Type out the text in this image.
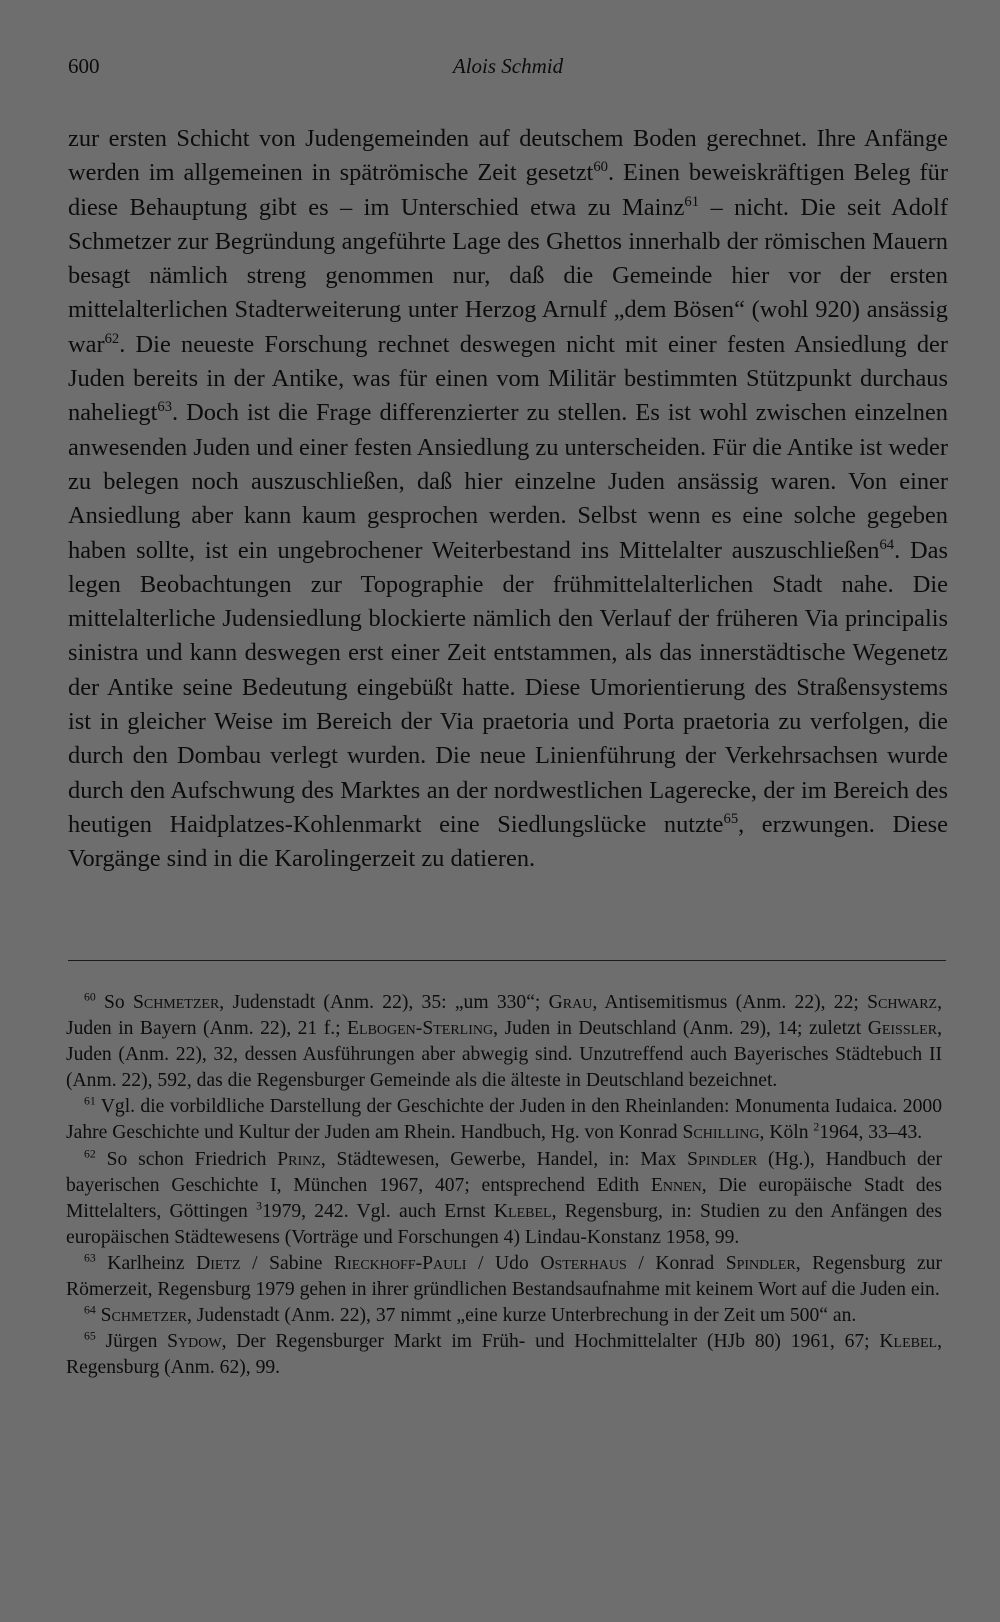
600	Alois Schmid

zur ersten Schicht von Judengemeinden auf deutschem Boden gerechnet. Ihre Anfänge werden im allgemeinen in spätrömische Zeit gesetzt$^{60}$. Einen beweiskräftigen Beleg für diese Behauptung gibt es – im Unterschied etwa zu Mainz$^{61}$ – nicht. Die seit Adolf Schmetzer zur Begründung angeführte Lage des Ghettos innerhalb der römischen Mauern besagt nämlich streng genommen nur, daß die Gemeinde hier vor der ersten mittelalterlichen Stadterweiterung unter Herzog Arnulf „dem Bösen“ (wohl 920) ansässig war$^{62}$. Die neueste Forschung rechnet deswegen nicht mit einer festen Ansiedlung der Juden bereits in der Antike, was für einen vom Militär bestimmten Stützpunkt durchaus naheliegt$^{63}$. Doch ist die Frage differenzierter zu stellen. Es ist wohl zwischen einzelnen anwesenden Juden und einer festen Ansiedlung zu unterscheiden. Für die Antike ist weder zu belegen noch auszuschließen, daß hier einzelne Juden ansässig waren. Von einer Ansiedlung aber kann kaum gesprochen werden. Selbst wenn es eine solche gegeben haben sollte, ist ein ungebrochener Weiterbestand ins Mittelalter auszuschließen$^{64}$. Das legen Beobachtungen zur Topographie der frühmittelalterlichen Stadt nahe. Die mittelalterliche Judensiedlung blockierte nämlich den Verlauf der früheren Via principalis sinistra und kann deswegen erst einer Zeit entstammen, als das innerstädtische Wegenetz der Antike seine Bedeutung eingebüßt hatte. Diese Umorientierung des Straßensystems ist in gleicher Weise im Bereich der Via praetoria und Porta praetoria zu verfolgen, die durch den Dombau verlegt wurden. Die neue Linienführung der Verkehrsachsen wurde durch den Aufschwung des Marktes an der nordwestlichen Lagerecke, der im Bereich des heutigen Haidplatzes-Kohlenmarkt eine Siedlungslücke nutzte$^{65}$, erzwungen. Diese Vorgänge sind in die Karolingerzeit zu datieren.

$^{60}$ So Schmetzer, Judenstadt (Anm. 22), 35: „um 330“; Grau, Antisemitismus (Anm. 22), 22; Schwarz, Juden in Bayern (Anm. 22), 21 f.; Elbogen-Sterling, Juden in Deutschland (Anm. 29), 14; zuletzt Geissler, Juden (Anm. 22), 32, dessen Ausführungen aber abwegig sind. Unzutreffend auch Bayerisches Städtebuch II (Anm. 22), 592, das die Regensburger Gemeinde als die älteste in Deutschland bezeichnet.

$^{61}$ Vgl. die vorbildliche Darstellung der Geschichte der Juden in den Rheinlanden: Monumenta Iudaica. 2000 Jahre Geschichte und Kultur der Juden am Rhein. Handbuch, Hg. von Konrad Schilling, Köln $^2$1964, 33–43.

$^{62}$ So schon Friedrich Prinz, Städtewesen, Gewerbe, Handel, in: Max Spindler (Hg.), Handbuch der bayerischen Geschichte I, München 1967, 407; entsprechend Edith Ennen, Die europäische Stadt des Mittelalters, Göttingen $^3$1979, 242. Vgl. auch Ernst Klebel, Regensburg, in: Studien zu den Anfängen des europäischen Städtewesens (Vorträge und Forschungen 4) Lindau-Konstanz 1958, 99.

$^{63}$ Karlheinz Dietz / Sabine Rieckhoff-Pauli / Udo Osterhaus / Konrad Spindler, Regensburg zur Römerzeit, Regensburg 1979 gehen in ihrer gründlichen Bestandsaufnahme mit keinem Wort auf die Juden ein.

$^{64}$ Schmetzer, Judenstadt (Anm. 22), 37 nimmt „eine kurze Unterbrechung in der Zeit um 500“ an.

$^{65}$ Jürgen Sydow, Der Regensburger Markt im Früh- und Hochmittelalter (HJb 80) 1961, 67; Klebel, Regensburg (Anm. 62), 99.
